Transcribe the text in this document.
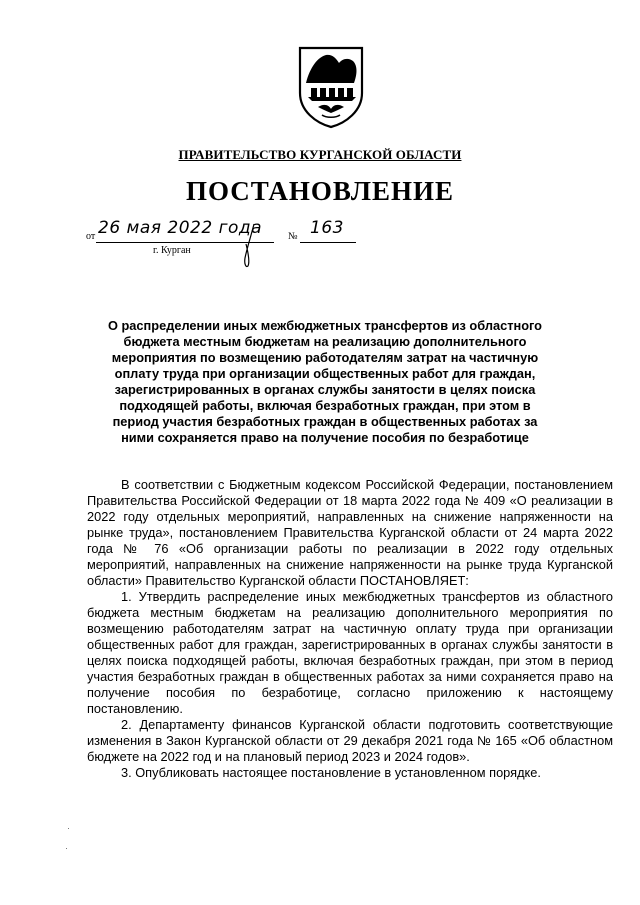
ПРАВИТЕЛЬСТВО КУРГАНСКОЙ ОБЛАСТИ
ПОСТАНОВЛЕНИЕ
от 26 мая 2022 года	№ 163
г. Курган
О распределении иных межбюджетных трансфертов из областного бюджета местным бюджетам на реализацию дополнительного мероприятия по возмещению работодателям затрат на частичную оплату труда при организации общественных работ для граждан, зарегистрированных в органах службы занятости в целях поиска подходящей работы, включая безработных граждан, при этом в период участия безработных граждан в общественных работах за ними сохраняется право на получение пособия по безработице

В соответствии с Бюджетным кодексом Российской Федерации, постановлением Правительства Российской Федерации от 18 марта 2022 года № 409 «О реализации в 2022 году отдельных мероприятий, направленных на снижение напряженности на рынке труда», постановлением Правительства Курганской области от 24 марта 2022 года № 76 «Об организации работы по реализации в 2022 году отдельных мероприятий, направленных на снижение напряженности на рынке труда Курганской области» Правительство Курганской области ПОСТАНОВЛЯЕТ:

1. Утвердить распределение иных межбюджетных трансфертов из областного бюджета местным бюджетам на реализацию дополнительного мероприятия по возмещению работодателям затрат на частичную оплату труда при организации общественных работ для граждан, зарегистрированных в органах службы занятости в целях поиска подходящей работы, включая безработных граждан, при этом в период участия безработных граждан в общественных работах за ними сохраняется право на получение пособия по безработице, согласно приложению к настоящему постановлению.

2. Департаменту финансов Курганской области подготовить соответствующие изменения в Закон Курганской области от 29 декабря 2021 года № 165 «Об областном бюджете на 2022 год и на плановый период 2023 и 2024 годов».

3. Опубликовать настоящее постановление в установленном порядке.
